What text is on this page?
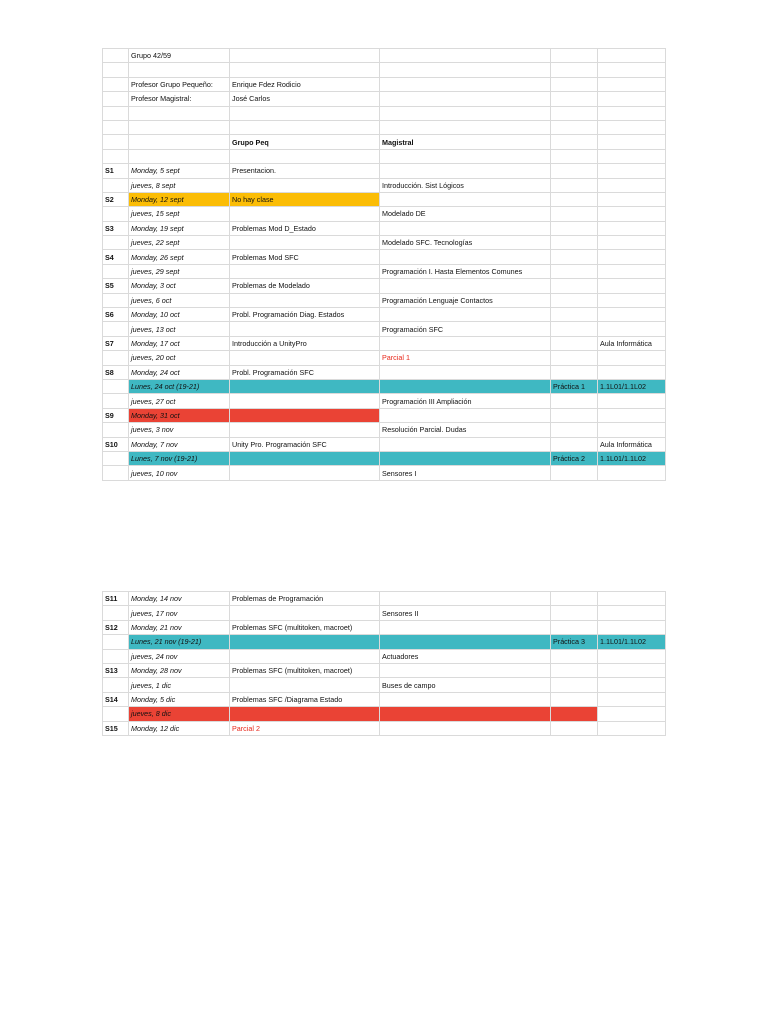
	Grupo 42/59				

	Profesor Grupo Pequeño:	Enrique Fdez Rodicio			
	Profesor Magistral:	José Carlos			

		Grupo Peq	Magistral		

S1	Monday, 5 sept	Presentacion.			
	jueves, 8 sept		Introducción. Sist Lógicos		
S2	Monday, 12 sept	No hay clase			
	jueves, 15 sept		Modelado DE		
S3	Monday, 19 sept	Problemas Mod D_Estado			
	jueves, 22 sept		Modelado SFC. Tecnologías		
S4	Monday, 26 sept	Problemas Mod SFC			
	jueves, 29 sept		Programación I. Hasta Elementos Comunes		
S5	Monday, 3 oct	Problemas de Modelado			
	jueves, 6 oct		Programación Lenguaje Contactos		
S6	Monday, 10 oct	Probl. Programación Diag. Estados			
	jueves, 13 oct		Programación SFC		
S7	Monday, 17 oct	Introducción a UnityPro			Aula Informática
	jueves, 20 oct		Parcial 1		
S8	Monday, 24 oct	Probl. Programación SFC			
	Lunes, 24 oct (19-21)			Práctica 1	1.1L01/1.1L02
	jueves, 27 oct		Programación III Ampliación		
S9	Monday, 31 oct				
	jueves, 3 nov		Resolución Parcial. Dudas		
S10	Monday, 7 nov	Unity Pro. Programación SFC			Aula Informática
	Lunes, 7 nov (19-21)			Práctica 2	1.1L01/1.1L02
	jueves, 10 nov		Sensores I		
S11	Monday, 14 nov	Problemas de Programación			
	jueves, 17 nov		Sensores II		
S12	Monday, 21 nov	Problemas SFC (multitoken, macroet)			
	Lunes, 21 nov (19-21)			Práctica 3	1.1L01/1.1L02
	jueves, 24 nov		Actuadores		
S13	Monday, 28 nov	Problemas SFC (multitoken, macroet)			
	jueves, 1 dic		Buses de campo		
S14	Monday, 5 dic	Problemas SFC /Diagrama Estado			
	jueves, 8 dic				
S15	Monday, 12 dic	Parcial 2			
